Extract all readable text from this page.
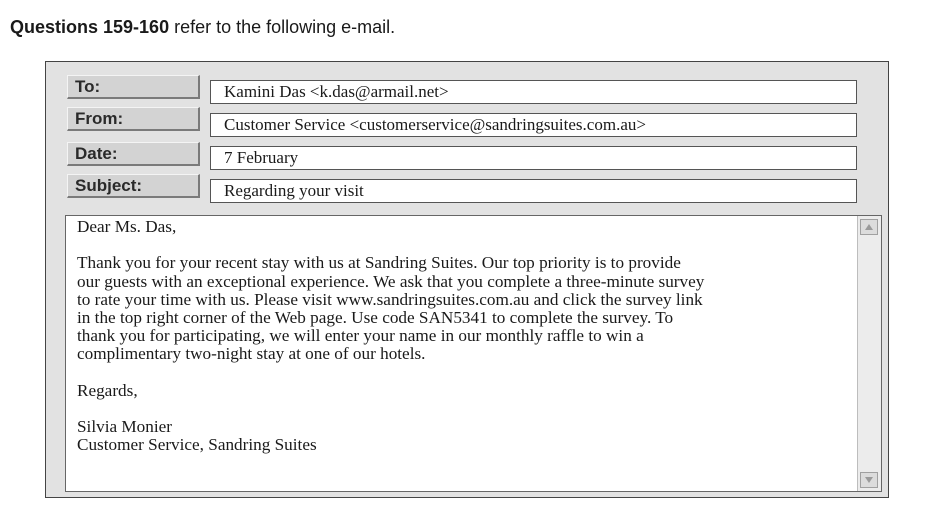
Questions 159-160 refer to the following e-mail.
To:	Kamini Das <k.das@armail.net>
From:	Customer Service <customerservice@sandringsuites.com.au>
Date:	7 February
Subject:	Regarding your visit

Dear Ms. Das,

Thank you for your recent stay with us at Sandring Suites. Our top priority is to provide

our guests with an exceptional experience. We ask that you complete a three-minute survey

to rate your time with us. Please visit www.sandringsuites.com.au and click the survey link

in the top right corner of the Web page. Use code SAN5341 to complete the survey. To

thank you for participating, we will enter your name in our monthly raffle to win a

complimentary two-night stay at one of our hotels.

Regards,

Silvia Monier

Customer Service, Sandring Suites
